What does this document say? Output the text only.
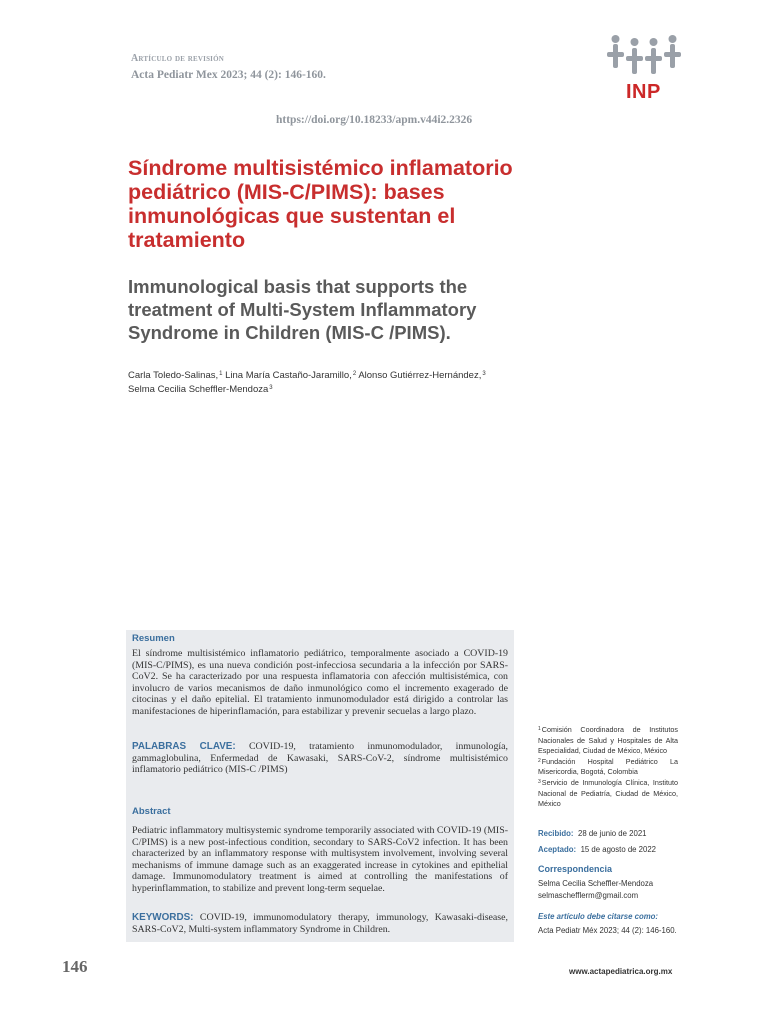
Artículo de revisión
Acta Pediatr Mex 2023; 44 (2): 146-160.
https://doi.org/10.18233/apm.v44i2.2326
INP
Síndrome multisistémico inflamatorio pediátrico (MIS-C/PIMS): bases inmunológicas que sustentan el tratamiento
Immunological basis that supports the treatment of Multi-System Inflammatory Syndrome in Children (MIS-C /PIMS).
Carla Toledo-Salinas,$^1$ Lina María Castaño-Jaramillo,$^2$ Alonso Gutiérrez-Hernández,$^3$
Selma Cecilia Scheffler-Mendoza$^3$
Resumen
El síndrome multisistémico inflamatorio pediátrico, temporalmente asociado a COVID-19 (MIS-C/PIMS), es una nueva condición post-infecciosa secundaria a la infección por SARS-CoV2. Se ha caracterizado por una respuesta inflamatoria con afección multisistémica, con involucro de varios mecanismos de daño inmunológico como el incremento exagerado de citocinas y el daño epitelial. El tratamiento inmunomodulador está dirigido a controlar las manifestaciones de hiperinflamación, para estabilizar y prevenir secuelas a largo plazo.
PALABRAS CLAVE: COVID-19, tratamiento inmunomodulador, inmunología, gammaglobulina, Enfermedad de Kawasaki, SARS-CoV-2, síndrome multisistémico inflamatorio pediátrico (MIS-C /PIMS)
Abstract
Pediatric inflammatory multisystemic syndrome temporarily associated with COVID-19 (MIS-C/PIMS) is a new post-infectious condition, secondary to SARS-CoV2 infection. It has been characterized by an inflammatory response with multisystem involvement, involving several mechanisms of immune damage such as an exaggerated increase in cytokines and epithelial damage. Immunomodulatory treatment is aimed at controlling the manifestations of hyperinflammation, to stabilize and prevent long-term sequelae.
KEYWORDS: COVID-19, immunomodulatory therapy, immunology, Kawasaki-disease, SARS-CoV2, Multi-system inflammatory Syndrome in Children.
$^1$Comisión Coordinadora de Institutos Nacionales de Salud y Hospitales de Alta Especialidad, Ciudad de México, México
$^2$Fundación Hospital Pediátrico La Misericordia, Bogotá, Colombia
$^3$Servicio de Inmunología Clínica, Instituto Nacional de Pediatría, Ciudad de México, México
Recibido: 28 de junio de 2021
Aceptado: 15 de agosto de 2022
Correspondencia
Selma Cecilia Scheffler-Mendoza
selmaschefflerm@gmail.com
Este artículo debe citarse como:
Acta Pediatr Méx 2023; 44 (2): 146-160.
146	www.actapediatrica.org.mx
